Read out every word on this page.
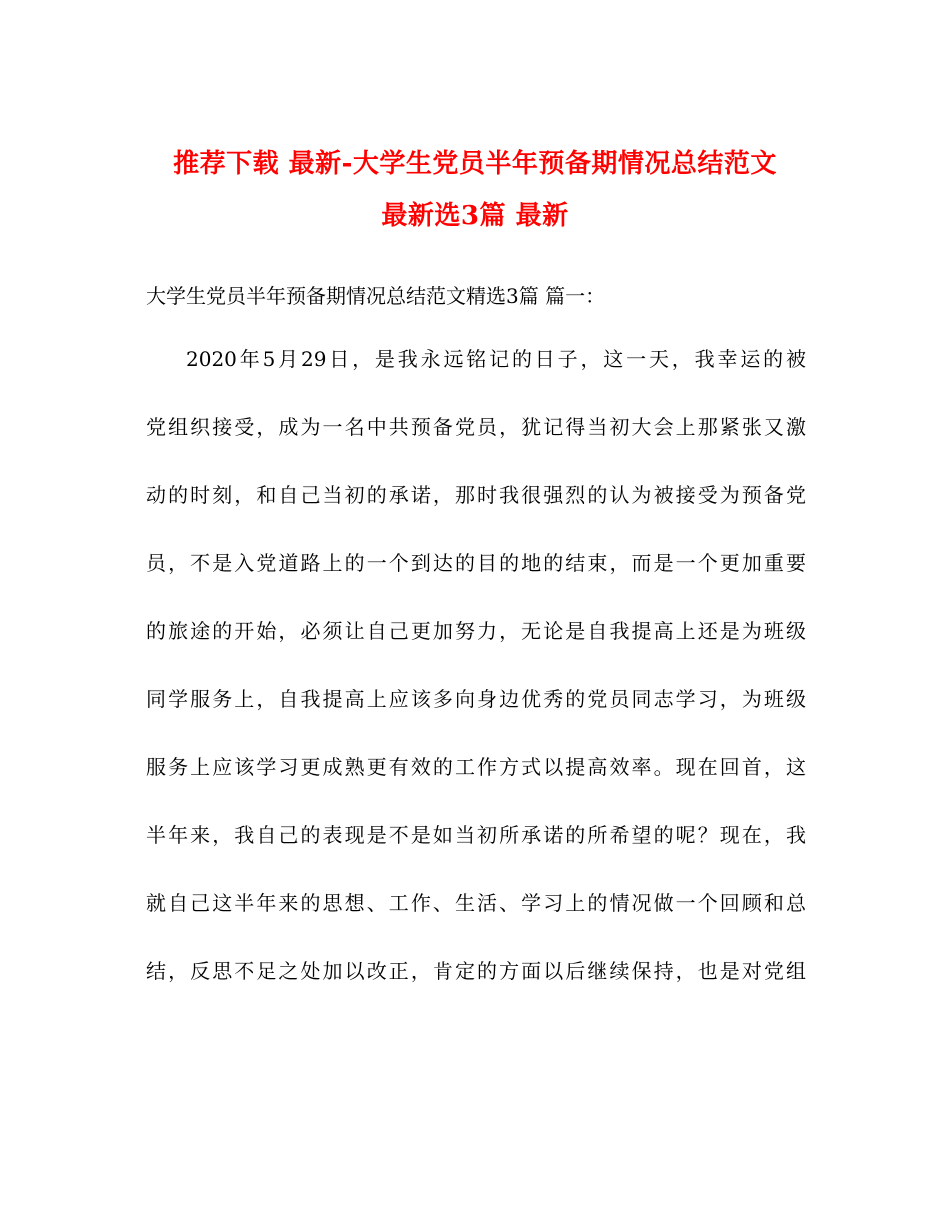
推荐下载 最新-大学生党员半年预备期情况总结范文
最新选3篇 最新
大学生党员半年预备期情况总结范文精选3篇 篇一：
2020年5月29日，是我永远铭记的日子，这一天，我幸运的被
党组织接受，成为一名中共预备党员，犹记得当初大会上那紧张又激
动的时刻，和自己当初的承诺，那时我很强烈的认为被接受为预备党
员，不是入党道路上的一个到达的目的地的结束，而是一个更加重要
的旅途的开始，必须让自己更加努力，无论是自我提高上还是为班级
同学服务上，自我提高上应该多向身边优秀的党员同志学习，为班级
服务上应该学习更成熟更有效的工作方式以提高效率。现在回首，这
半年来，我自己的表现是不是如当初所承诺的所希望的呢？现在，我
就自己这半年来的思想、工作、生活、学习上的情况做一个回顾和总
结，反思不足之处加以改正，肯定的方面以后继续保持，也是对党组
